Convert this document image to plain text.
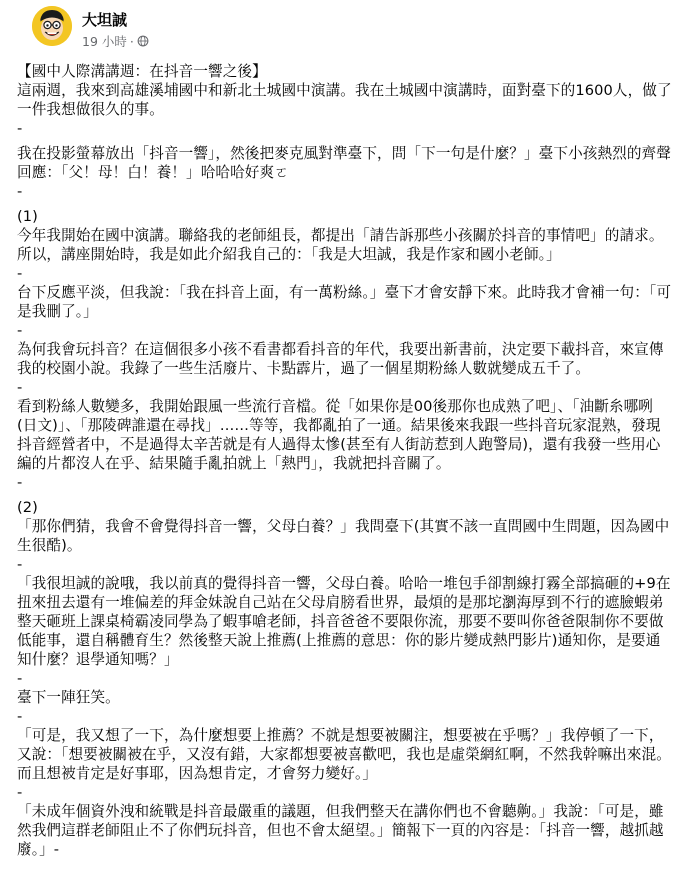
大坦誠
19 小時 ·

【國中人際溝講週：在抖音一響之後】

這兩週，我來到高雄溪埔國中和新北土城國中演講。我在土城國中演講時，面對臺下的1600人，做了一件我想做很久的事。

-

我在投影螢幕放出「抖音一響」，然後把麥克風對準臺下，問「下一句是什麼？」臺下小孩熱烈的齊聲回應：「父！母！白！養！」哈哈哈好爽ㄛ

-

(1)

今年我開始在國中演講。聯絡我的老師組長，都提出「請告訴那些小孩關於抖音的事情吧」的請求。所以，講座開始時，我是如此介紹我自己的：「我是大坦誠，我是作家和國小老師。」

-

台下反應平淡，但我說：「我在抖音上面，有一萬粉絲。」臺下才會安靜下來。此時我才會補一句：「可是我刪了。」

-

為何我會玩抖音？在這個很多小孩不看書都看抖音的年代，我要出新書前，決定要下載抖音，來宣傳我的校園小說。我錄了一些生活廢片、卡點霹片，過了一個星期粉絲人數就變成五千了。

-

看到粉絲人數變多，我開始跟風一些流行音檔。從「如果你是00後那你也成熟了吧」、「油斷糸哪咧(日文)」、「那陵碑誰還在尋找」……等等，我都亂拍了一通。結果後來我跟一些抖音玩家混熟，發現抖音經營者中，不是過得太辛苦就是有人過得太慘(甚至有人街訪惹到人跑警局)，還有我發一些用心編的片都沒人在乎、結果隨手亂拍就上「熱門」，我就把抖音關了。

-

(2)

「那你們猜，我會不會覺得抖音一響，父母白養？」我問臺下(其實不該一直問國中生問題，因為國中生很酷)。

-

「我很坦誠的說哦，我以前真的覺得抖音一響，父母白養。哈哈一堆包手卻割線打霧全部搞砸的+9在扭來扭去還有一堆偏差的拜金妹說自己站在父母肩膀看世界，最煩的是那坨瀏海厚到不行的遮臉蝦弟整天砸班上課桌椅霸凌同學為了蝦事嗆老師，抖音爸爸不要限你流，那要不要叫你爸爸限制你不要做低能事，還自稱體育生？然後整天說上推薦(上推薦的意思：你的影片變成熱門影片)通知你，是要通知什麼？退學通知嗎？」

-

臺下一陣狂笑。

-

「可是，我又想了一下，為什麼想要上推薦？不就是想要被關注，想要被在乎嗎？」我停頓了一下，又說：「想要被關被在乎，又沒有錯，大家都想要被喜歡吧，我也是虛榮網紅啊，不然我幹嘛出來混。而且想被肯定是好事耶，因為想肯定，才會努力變好。」

-

「未成年個資外洩和統戰是抖音最嚴重的議題，但我們整天在講你們也不會聽齁。」我說：「可是，雖然我們這群老師阻止不了你們玩抖音，但也不會太絕望。」簡報下一頁的內容是：「抖音一響，越抓越廢。」-
